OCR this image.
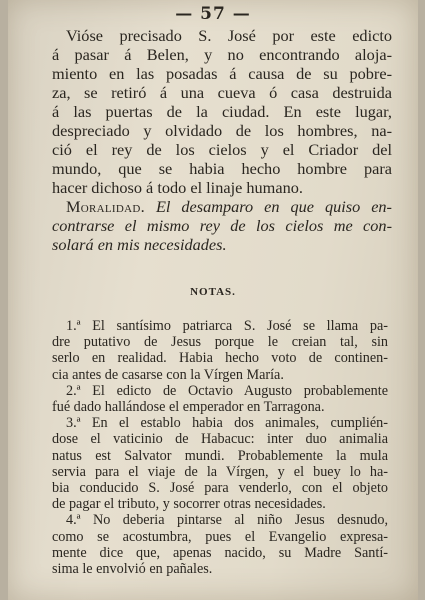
— 57 —
Vióse precisado S. José por este edicto
á pasar á Belen, y no encontrando aloja-
miento en las posadas á causa de su pobre-
za, se retiró á una cueva ó casa destruida
á las puertas de la ciudad. En este lugar,
despreciado y olvidado de los hombres, na-
ció el rey de los cielos y el Criador del
mundo, que se habia hecho hombre para
hacer dichoso á todo el linaje humano.
Moralidad. El desamparo en que quiso en-
contrarse el mismo rey de los cielos me con-
solará en mis necesidades.
NOTAS.
1.ª El santísimo patriarca S. José se llama pa-
dre putativo de Jesus porque le creian tal, sin
serlo en realidad. Habia hecho voto de continen-
cia antes de casarse con la Vírgen María.
2.ª El edicto de Octavio Augusto probablemente
fué dado hallándose el emperador en Tarragona.
3.ª En el establo habia dos animales, cumplién-
dose el vaticinio de Habacuc: inter duo animalia
natus est Salvator mundi. Probablemente la mula
servia para el viaje de la Vírgen, y el buey lo ha-
bia conducido S. José para venderlo, con el objeto
de pagar el tributo, y socorrer otras necesidades.
4.ª No deberia pintarse al niño Jesus desnudo,
como se acostumbra, pues el Evangelio expresa-
mente dice que, apenas nacido, su Madre Santí-
sima le envolvió en pañales.
